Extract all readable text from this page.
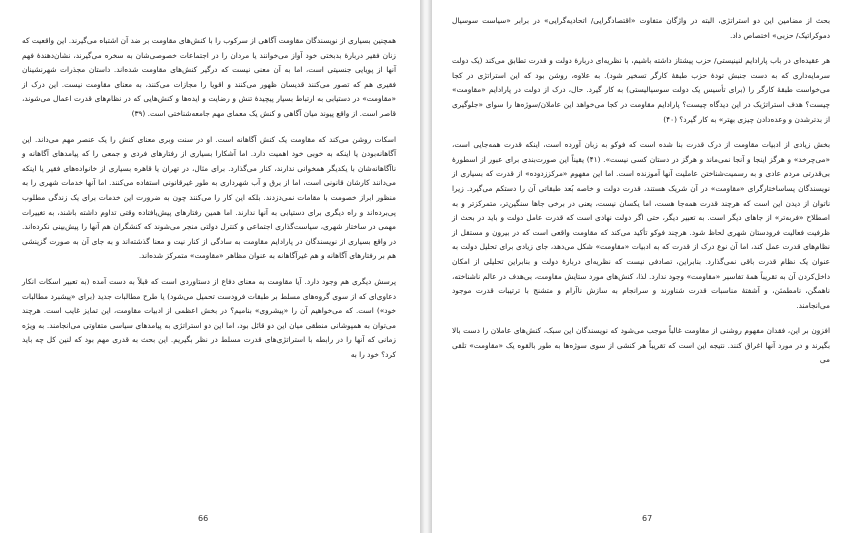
همچنین بسیاری از نویسندگان مقاومت آگاهی از سرکوب را با کنش‌های مقاومت بر ضد آن اشتباه می‌گیرند. این واقعیت که زنان فقیر دربارهٔ بدبختی خود آواز می‌خوانند یا مردان را در اجتماعات خصوصی‌شان به سخره می‌گیرند، نشان‌دهندهٔ فهم آنها از پویایی جنسیتی است، اما به آن معنی نیست که درگیر کنش‌های مقاومت شده‌اند. داستان مجذرات شهرنشینان فقیری هم که تصور می‌کنند قدیسان ظهور می‌کنند و اقویا را مجازات می‌کنند، به معنای مقاومت نیست. این درک از «مقاومت» در دستیابی به ارتباط بسیار پیچیدهٔ تنش و رضایت و ایده‌ها و کنش‌هایی که در نظام‌های قدرت اعمال می‌شوند، قاصر است. از واقع پیوند میان آگاهی و کنش یک معمای مهم جامعه‌شناختی است. (۳۹)

اسکات روشن می‌کند که مقاومت یک کنش آگاهانه است. او در سنت وبری معنای کنش را یک عنصر مهم می‌داند. این آگاهانه‌بودن یا اینکه به خوبی خود اهمیت دارد. اما آشکارا بسیاری از رفتارهای فردی و جمعی را که پیامدهای آگاهانه و ناآگاهانه‌شان با یکدیگر همخوانی ندارند، کنار می‌گذارد. برای مثال، در تهران یا قاهره بسیاری از خانواده‌های فقیر یا اینکه می‌دانند کارشان قانونی است، اما از برق و آب شهرداری به طور غیرقانونی استفاده می‌کنند. اما آنها خدمات شهری را به منظور ابراز خصومت با مقامات نمی‌دزدند. بلکه این کار را می‌کنند چون به ضرورت این خدمات برای یک زندگی مطلوب پی‌برده‌اند و راه دیگری برای دستیابی به آنها ندارند. اما همین رفتارهای پیش‌یافتاده وقتی تداوم داشته باشند، به تغییرات مهمی در ساختار شهری، سیاست‌گذاری اجتماعی و کنترل دولتی منجر می‌شوند که کنشگران هم آنها را پیش‌بینی نکرده‌اند. در واقع بسیاری از نویسندگان در پارادایم مقاومت به سادگی از کنار نیت و معنا گذشته‌اند و به جای آن به صورت گزینشی هم بر رفتارهای آگاهانه و هم غیرآگاهانه به عنوان مظاهر «مقاومت» متمرکز شده‌اند.

پرسش دیگری هم وجود دارد. آیا مقاومت به معنای دفاع از دستاوردی است که قبلاً به دست آمده (به تعبیر اسکات انکار دعاوی‌ای که از سوی گروه‌های مسلط بر طبقات فرودست تحمیل می‌شود) یا طرح مطالبات جدید (برای «پیشبرد مطالبات خود») است. که می‌خواهیم آن را «پیشروی» بنامیم؟ در بخش اعظمی از ادبیات مقاومت، این تمایز غایب است. هرچند می‌توان به همپوشانی منطقی میان این دو قائل بود، اما این دو استراتژی به پیامدهای سیاسی متفاوتی می‌انجامند. به ویژه زمانی که آنها را در رابطه با استراتژی‌های قدرت مسلط در نظر بگیریم. این بحث به قدری مهم بود که لنین کل چه باید کرد؟ خود را به

66

بحث از مضامین این دو استراتژی، البته در واژگان متفاوت «اقتصادگرایی/ اتحادیه‌گرایی» در برابر «سیاست سوسیال دموکراتیک/ حزبی» اختصاص داد.

هر عقیده‌ای در باب پارادایم لنینیستی/ حزب پیشتاز داشته باشیم، با نظریه‌ای دربارهٔ دولت و قدرت تطابق می‌کند (یک دولت سرمایه‌داری که به دست جنبش تودهٔ حزب طبقهٔ کارگر تسخیر شود). به علاوه، روشن بود که این استراتژی در کجا می‌خواست طبقهٔ کارگر را (برای تأسیس یک دولت سوسیالیستی) به کار گیرد. حال، درک از دولت در پارادایم «مقاومت» چیست؟ هدف استراتژیک در این دیدگاه چیست؟ پارادایم مقاومت در کجا می‌خواهد این عاملان/سوژه‌ها را سوای «جلوگیری از بدترشدن و وعده‌دادن چیزی بهتر» به کار گیرد؟ (۴۰)

بخش زیادی از ادبیات مقاومت از درک قدرت بنا شده است که فوکو به زبان آورده است، اینکه قدرت همه‌جایی است، «می‌چرخد» و هرگز اینجا و آنجا نمی‌ماند و هرگز در دستان کسی نیست». (۴۱) یقیناً این صورت‌بندی برای عبور از اسطورهٔ بی‌قدرتی مردم عادی و به رسمیت‌شناختن عاملیت آنها آموزنده است. اما این مفهوم «مرکززدوده» از قدرت که بسیاری از نویسندگان پساساختارگرای «مقاومت» در آن شریک هستند، قدرت دولت و خاصه بُعد طبقاتی آن را دستکم می‌گیرد. زیرا ناتوان از دیدن این است که هرچند قدرت همه‌جا هست، اما یکسان نیست، یعنی در برخی جاها سنگین‌تر، متمرکزتر و به اصطلاح «فربه‌تر» از جاهای دیگر است. به تعبیر دیگر، حتی اگر دولت نهادی است که قدرت عامل دولت و باید در بحث از ظرفیت فعالیت فرودستان شهری لحاظ شود. هرچند فوکو تأکید می‌کند که مقاومت واقعی است که در بیرون و مستقل از نظام‌های قدرت عمل کند، اما آن نوع درک از قدرت که به ادبیات «مقاومت» شکل می‌دهد، جای زیادی برای تحلیل دولت به عنوان یک نظام قدرت باقی نمی‌گذارد. بنابراین، تصادفی نیست که نظریه‌ای دربارهٔ دولت و بنابراین تحلیلی از امکان داخل‌کردن آن به تقریباً همهٔ تفاسیر «مقاومت» وجود ندارد. لذا، کنش‌های مورد ستایش مقاومت، بی‌هدف در عالم ناشناخته، ناهمگن، نامطمئن، و آشفتهٔ مناسبات قدرت شناورند و سرانجام به سازش ناآرام و متشنج با ترتیبات قدرت موجود می‌انجامند.

افزون بر این، فقدان مفهوم روشنی از مقاومت غالباً موجب می‌شود که نویسندگان این سبک، کنش‌های عاملان را دست بالا بگیرند و در مورد آنها اغراق کنند. نتیجه این است که تقریباً هر کنشی از سوی سوژه‌ها به طور بالقوه یک «مقاومت» تلقی می‌

67
